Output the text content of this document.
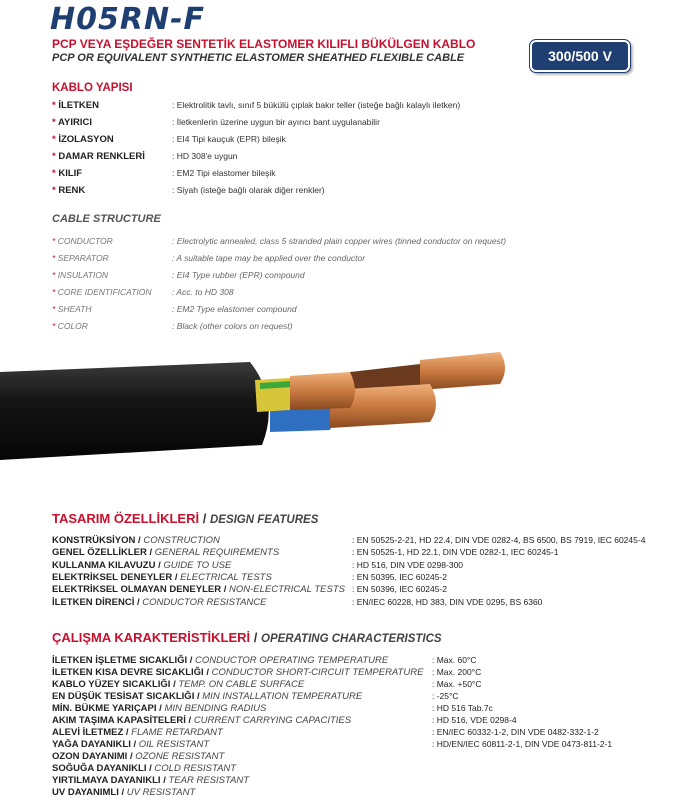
H05RN-F
PCP VEYA EŞDEĞER SENTETİK ELASTOMER KILIFLI BÜKÜLGEN KABLO
PCP OR EQUIVALENT SYNTHETIC ELASTOMER SHEATHED FLEXIBLE CABLE	300/500 V
KABLO YAPISI
* İLETKEN	: Elektrolitik tavlı, sınıf 5 bükülü çıplak bakır teller (isteğe bağlı kalaylı iletken)
* AYIRICI	: İletkenlerin üzerine uygun bir ayırıcı bant uygulanabilir
* İZOLASYON	: EI4 Tipi kauçuk (EPR) bileşik
* DAMAR RENKLERİ	: HD 308'e uygun
* KILIF	: EM2 Tipi elastomer bileşik
* RENK	: Siyah (isteğe bağlı olarak diğer renkler)
CABLE STRUCTURE
* CONDUCTOR	: Electrolytic annealed, class 5 stranded plain copper wires (tinned conductor on request)
* SEPARATOR	: A suitable tape may be applied over the conductor
* INSULATION	: EI4 Type rubber (EPR) compound
* CORE IDENTIFICATION : Acc. to HD 308
* SHEATH	: EM2 Type elastomer compound
* COLOR	: Black (other colors on request)
TASARIM ÖZELLİKLERİ / DESIGN FEATURES
KONSTRÜKSİYON / CONSTRUCTION	: EN 50525-2-21, HD 22.4, DIN VDE 0282-4, BS 6500, BS 7919, IEC 60245-4
GENEL ÖZELLİKLER / GENERAL REQUIREMENTS	: EN 50525-1, HD 22.1, DIN VDE 0282-1, IEC 60245-1
KULLANMA KILAVUZU / GUIDE TO USE	: HD 516, DIN VDE 0298-300
ELEKTRİKSEL DENEYLER / ELECTRICAL TESTS	: EN 50395, IEC 60245-2
ELEKTRİKSEL OLMAYAN DENEYLER / NON-ELECTRICAL TESTS : EN 50396, IEC 60245-2
İLETKEN DİRENCİ / CONDUCTOR RESISTANCE	: EN/IEC 60228, HD 383, DIN VDE 0295, BS 6360
ÇALIŞMA KARAKTERİSTİKLERİ / OPERATING CHARACTERISTICS
İLETKEN İŞLETME SICAKLIĞI / CONDUCTOR OPERATING TEMPERATURE	: Max. 60°C
İLETKEN KISA DEVRE SICAKLIĞI / CONDUCTOR SHORT-CIRCUIT TEMPERATURE : Max. 200°C
KABLO YÜZEY SICAKLIĞI / TEMP. ON CABLE SURFACE	: Max. +50°C
EN DÜŞÜK TESİSAT SICAKLIĞI / MIN INSTALLATION TEMPERATURE	: -25°C
MİN. BÜKME YARIÇAPI / MIN BENDING RADIUS	: HD 516 Tab.7c
AKIM TAŞIMA KAPASİTELERİ / CURRENT CARRYING CAPACITIES	: HD 516, VDE 0298-4
ALEVİ İLETMEZ / FLAME RETARDANT	: EN/IEC 60332-1-2, DIN VDE 0482-332-1-2
YAĞA DAYANIKLI / OIL RESISTANT	: HD/EN/IEC 60811-2-1, DIN VDE 0473-811-2-1
OZON DAYANIMI / OZONE RESISTANT
SOĞUĞA DAYANIKLI / COLD RESISTANT
YIRTILMAYA DAYANIKLI / TEAR RESISTANT
UV DAYANIMLI / UV RESISTANT
